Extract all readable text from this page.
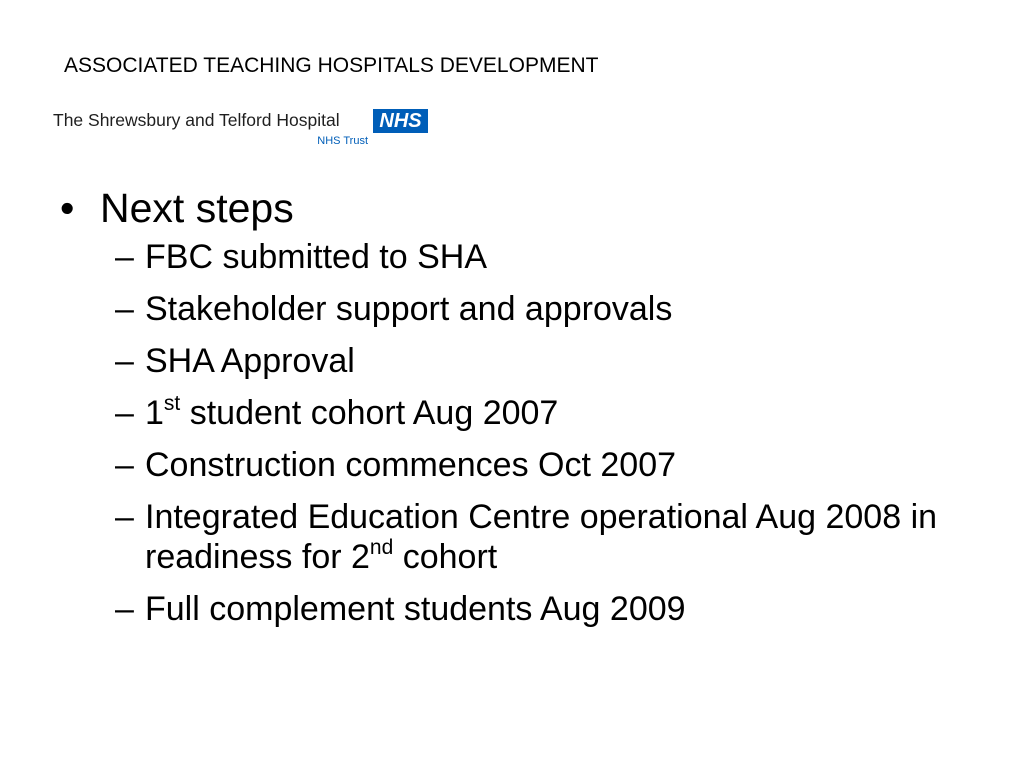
ASSOCIATED TEACHING HOSPITALS DEVELOPMENT
The Shrewsbury and Telford Hospital	NHS
NHS Trust
• Next steps
– FBC submitted to SHA
– Stakeholder support and approvals
– SHA Approval
– 1st student cohort Aug 2007
– Construction commences Oct 2007
– Integrated Education Centre operational Aug 2008 in readiness for 2nd cohort
– Full complement students Aug 2009
